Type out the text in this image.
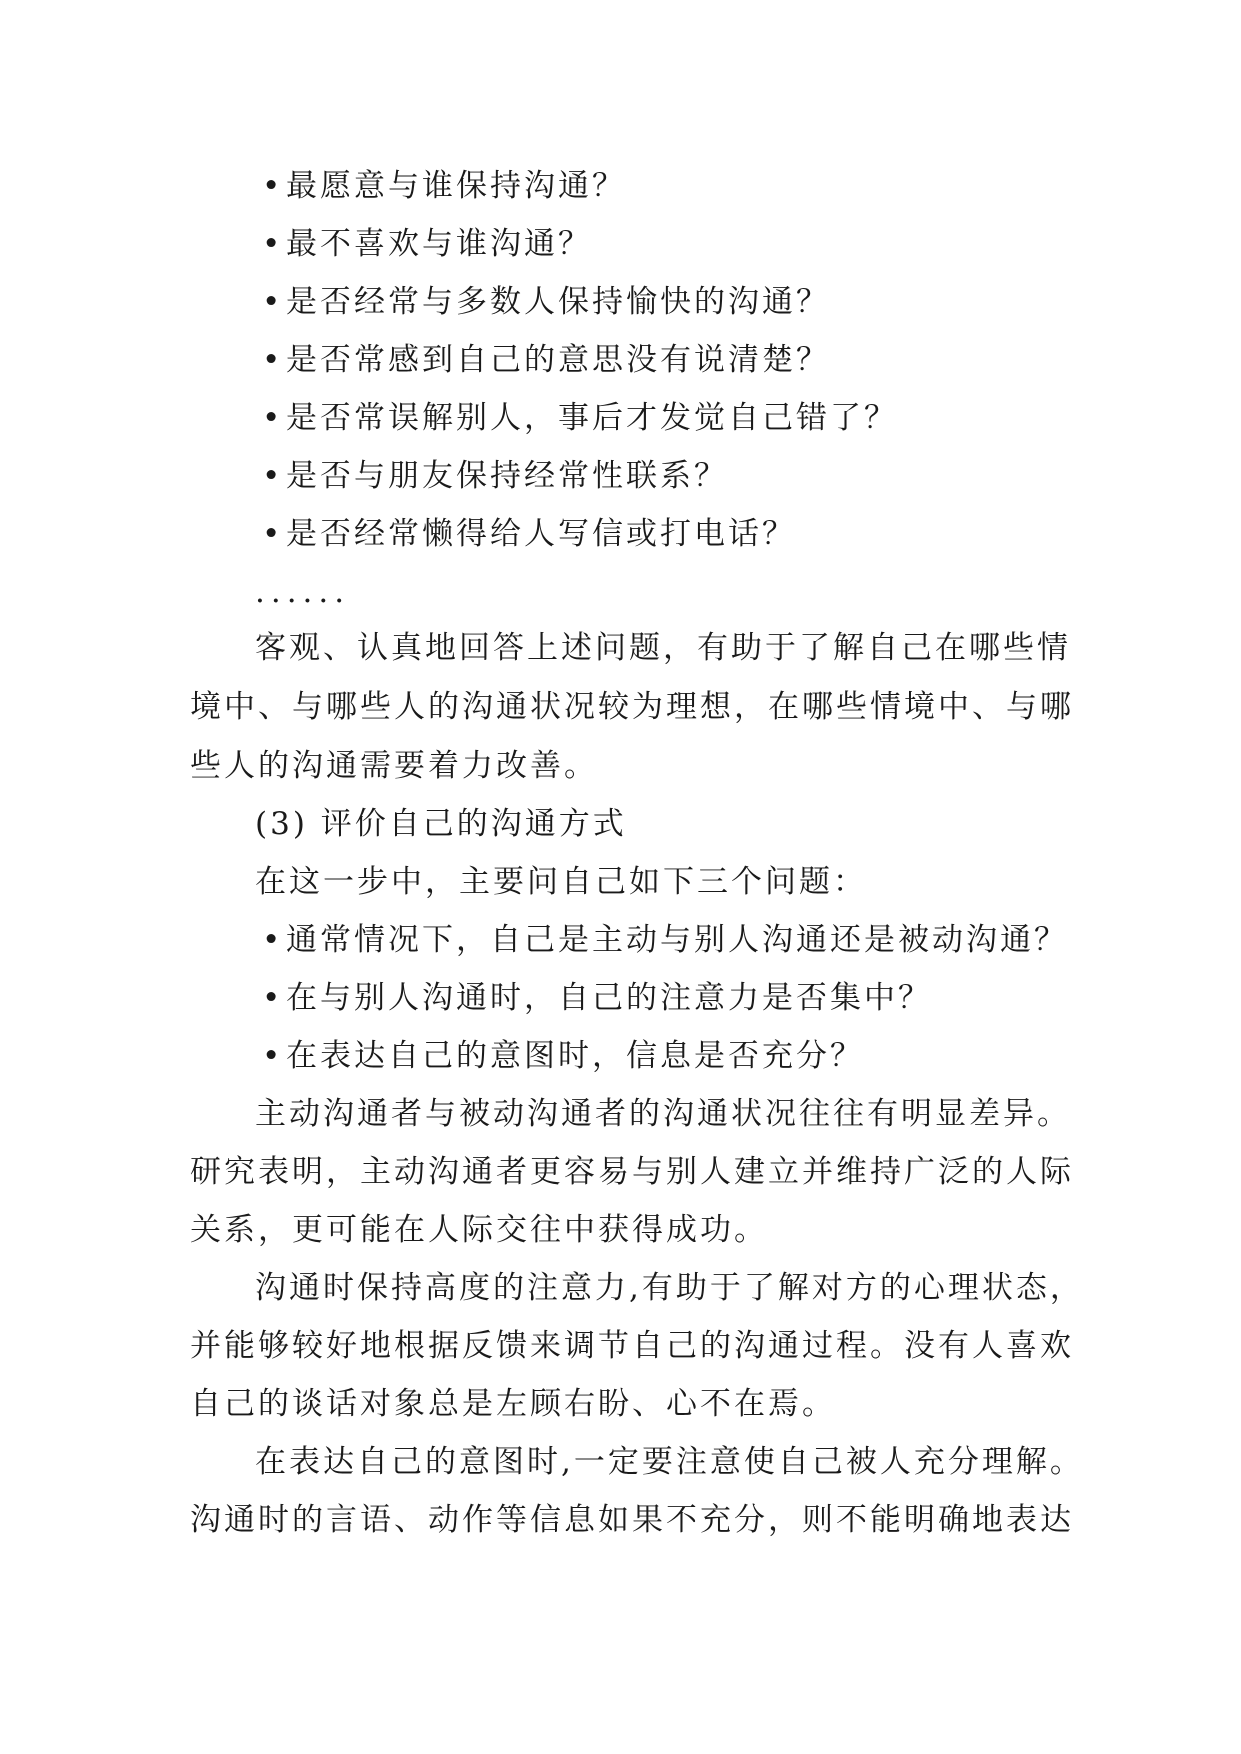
•最愿意与谁保持沟通？
•最不喜欢与谁沟通？
•是否经常与多数人保持愉快的沟通？
•是否常感到自己的意思没有说清楚？
•是否常误解别人，事后才发觉自己错了？
•是否与朋友保持经常性联系？
•是否经常懒得给人写信或打电话？
......
客观、认真地回答上述问题，有助于了解自己在哪些情
境中、与哪些人的沟通状况较为理想，在哪些情境中、与哪
些人的沟通需要着力改善。
(3) 评价自己的沟通方式
在这一步中，主要问自己如下三个问题：
•通常情况下，自己是主动与别人沟通还是被动沟通？
•在与别人沟通时，自己的注意力是否集中？
•在表达自己的意图时，信息是否充分？
主动沟通者与被动沟通者的沟通状况往往有明显差异。
研究表明，主动沟通者更容易与别人建立并维持广泛的人际
关系，更可能在人际交往中获得成功。
沟通时保持高度的注意力,有助于了解对方的心理状态，
并能够较好地根据反馈来调节自己的沟通过程。没有人喜欢
自己的谈话对象总是左顾右盼、心不在焉。
在表达自己的意图时,一定要注意使自己被人充分理解。
沟通时的言语、动作等信息如果不充分，则不能明确地表达
